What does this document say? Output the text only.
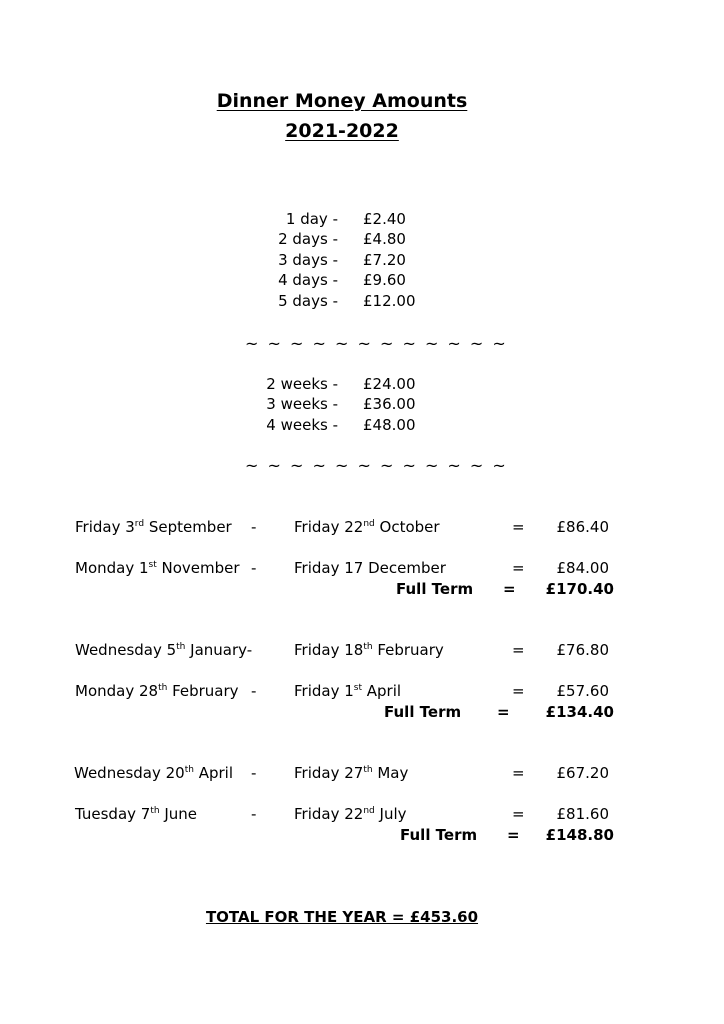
Dinner Money Amounts
2021-2022
1 day - £2.40
2 days - £4.80
3 days - £7.20
4 days - £9.60
5 days - £12.00
~ ~ ~ ~ ~ ~ ~ ~ ~ ~ ~ ~
2 weeks - £24.00
3 weeks - £36.00
4 weeks - £48.00
~ ~ ~ ~ ~ ~ ~ ~ ~ ~ ~ ~
Friday 3rd September -	Friday 22nd October	= £86.40
Monday 1st November -	Friday 17 December	= £84.00
Full Term = £170.40
Wednesday 5th January-	Friday 18th February	= £76.80
Monday 28th February -	Friday 1st April	= £57.60
Full Term = £134.40
Wednesday 20th April -	Friday 27th May	= £67.20
Tuesday 7th June	-	Friday 22nd July	= £81.60
Full Term = £148.80
TOTAL FOR THE YEAR = £453.60
